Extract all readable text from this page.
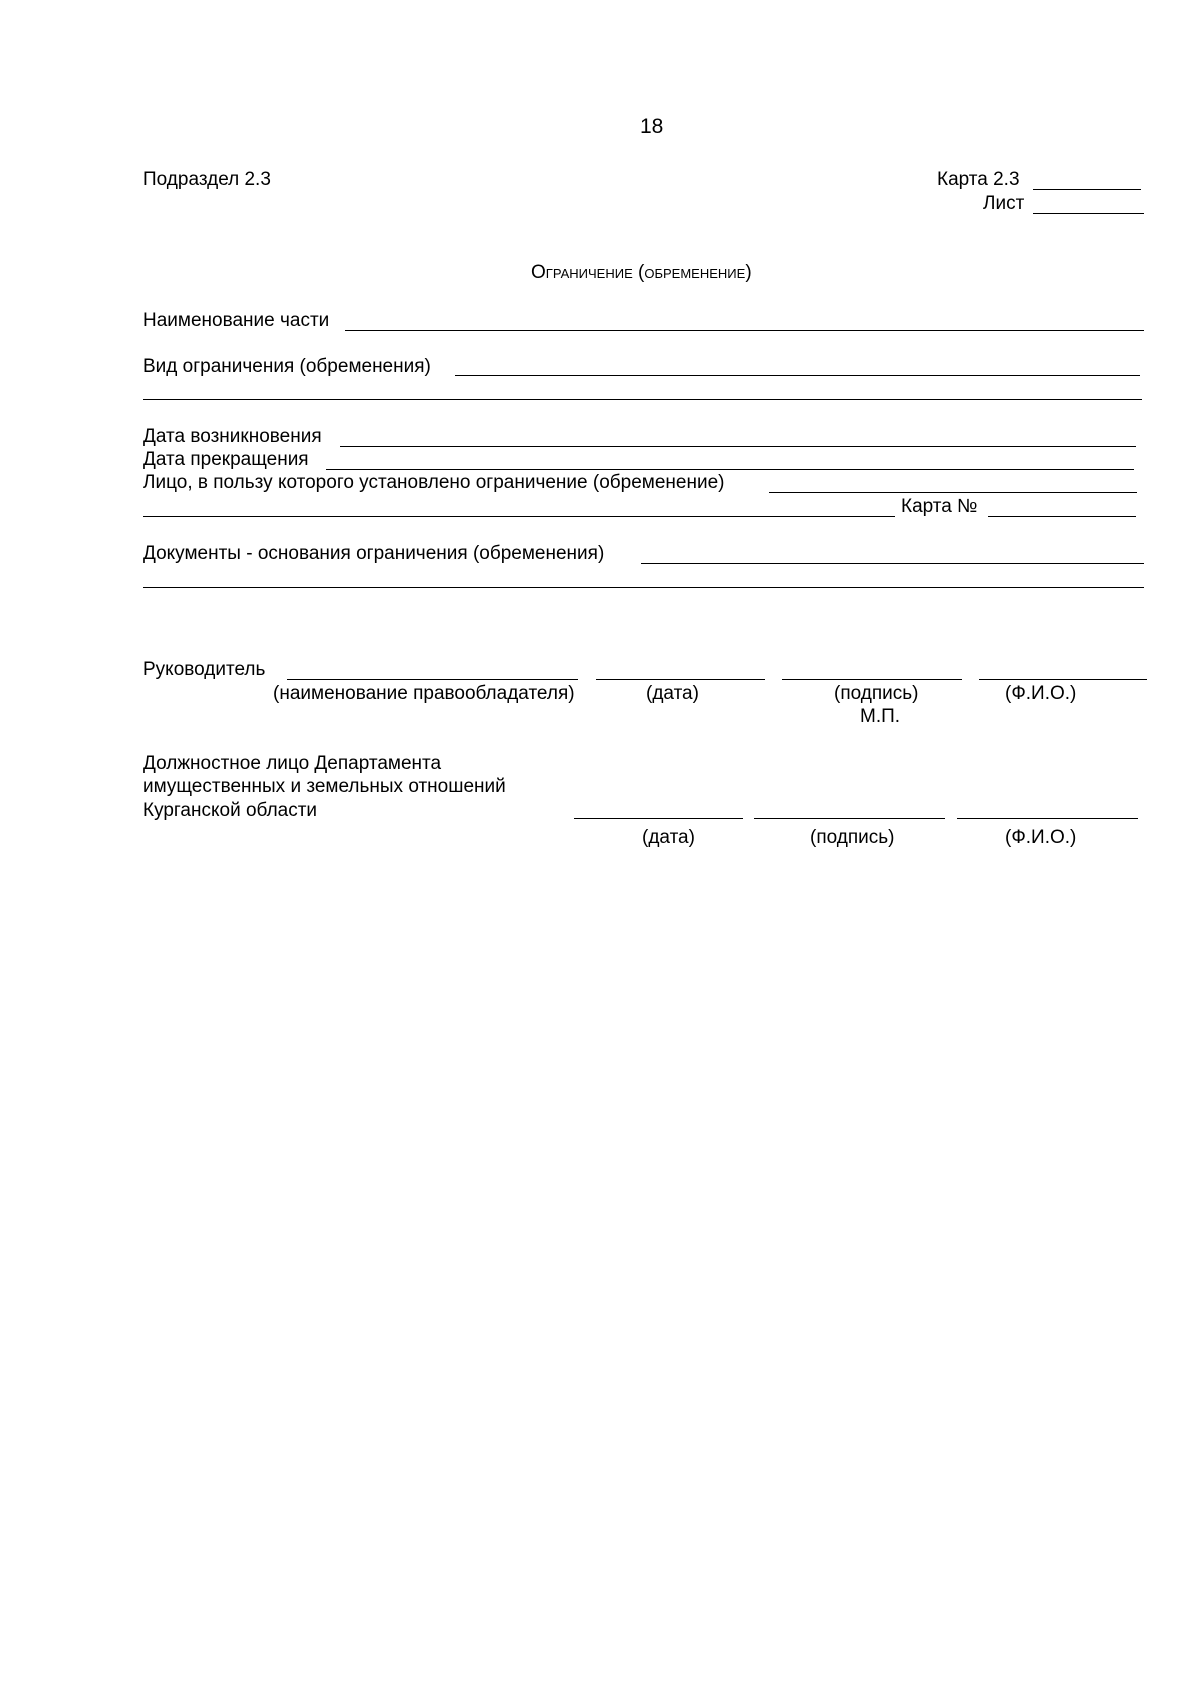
18
Подраздел 2.3	Карта 2.3
Лист
Ограничение (обременение)
Наименование части
Вид ограничения (обременения)
Дата возникновения
Дата прекращения
Лицо, в пользу которого установлено ограничение (обременение)
Карта №
Документы - основания ограничения (обременения)
Руководитель
(наименование правообладателя)	(дата)	(подпись)	(Ф.И.О.)
М.П.
Должностное лицо Департамента
имущественных и земельных отношений
Курганской области
(дата)	(подпись)	(Ф.И.О.)
